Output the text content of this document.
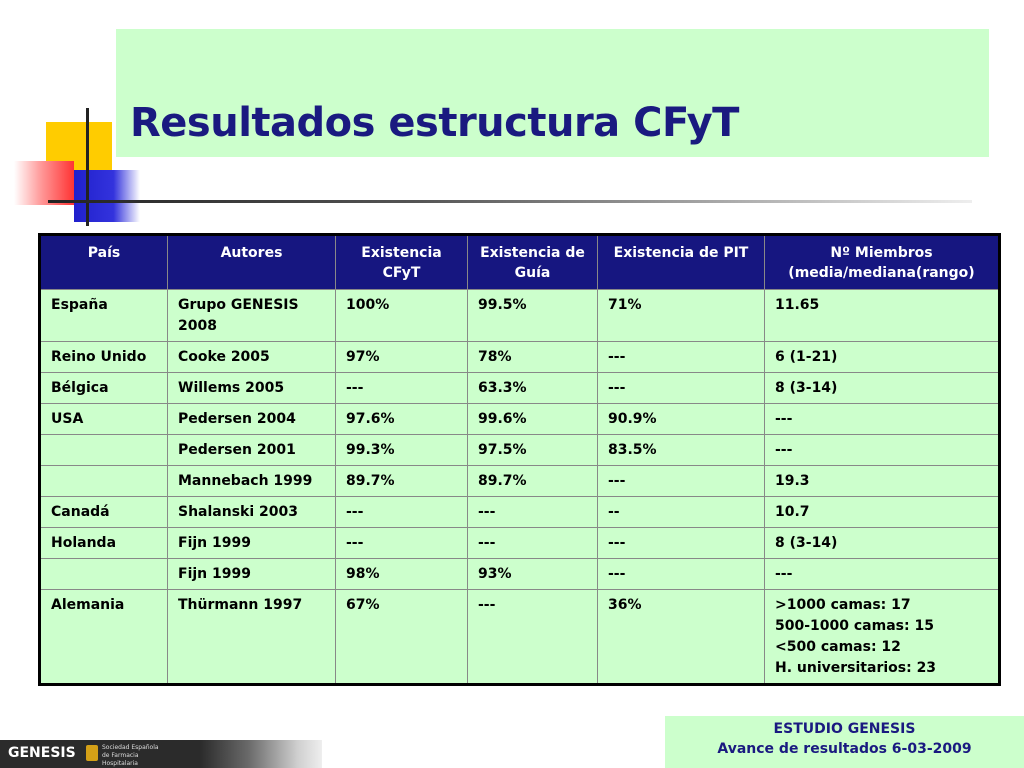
Resultados estructura CFyT
País	Autores	Existencia CFyT	Existencia de Guía	Existencia de PIT	Nº Miembros (media/mediana(rango)
España	Grupo GENESIS 2008	100%	99.5%	71%	11.65
Reino Unido	Cooke 2005	97%	78%	---	6 (1-21)
Bélgica	Willems 2005	---	63.3%	---	8 (3-14)
USA	Pedersen 2004	97.6%	99.6%	90.9%	---
	Pedersen 2001	99.3%	97.5%	83.5%	---
	Mannebach 1999	89.7%	89.7%	---	19.3
Canadá	Shalanski 2003	---	---	--	10.7
Holanda	Fijn 1999	---	---	---	8 (3-14)
	Fijn 1999	98%	93%	---	---
Alemania	Thürmann 1997	67%	---	36%	>1000 camas: 17
500-1000 camas: 15
<500 camas: 12
H. universitarios: 23
ESTUDIO GENESIS
Avance de resultados 6-03-2009
GENESIS	Sociedad Española de Farmacia Hospitalaria
